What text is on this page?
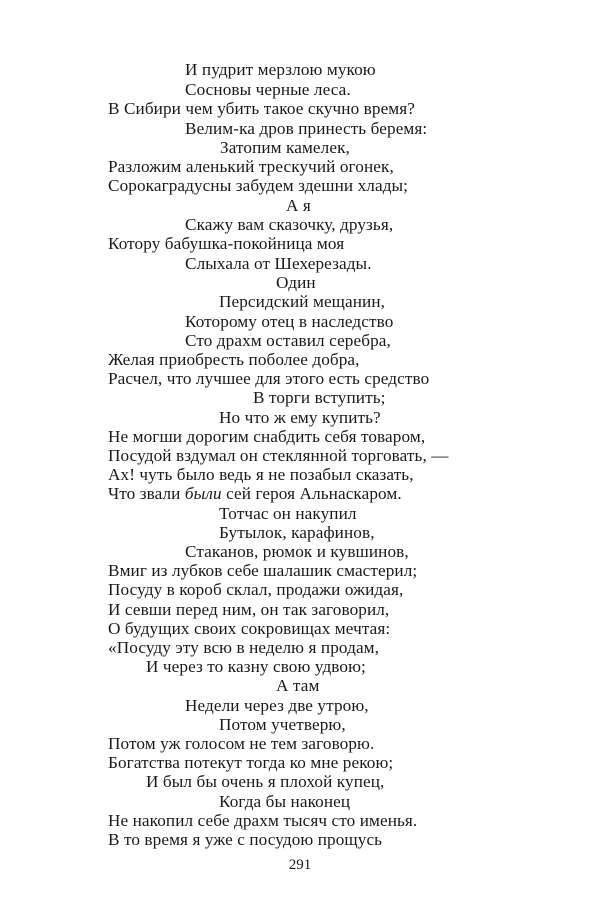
И пудрит мерзлою мукою
Сосновы черные леса.
В Сибири чем убить такое скучно время?
Велим-ка дров принесть беремя:
Затопим камелек,
Разложим аленький трескучий огонек,
Сорокаградусны забудем здешни хлады;
А я
Скажу вам сказочку, друзья,
Котору бабушка-покойница моя
Слыхала от Шехерезады.
Один
Персидский мещанин,
Которому отец в наследство
Сто драхм оставил серебра,
Желая приобресть поболее добра,
Расчел, что лучшее для этого есть средство
В торги вступить;
Но что ж ему купить?
Не могши дорогим снабдить себя товаром,
Посудой вздумал он стеклянной торговать, —
Ах! чуть было ведь я не позабыл сказать,
Что звали были сей героя Альнаскаром.
Тотчас он накупил
Бутылок, карафинов,
Стаканов, рюмок и кувшинов,
Вмиг из лубков себе шалашик смастерил;
Посуду в короб склал, продажи ожидая,
И севши перед ним, он так заговорил,
О будущих своих сокровищах мечтая:
«Посуду эту всю в неделю я продам,
И через то казну свою удвою;
А там
Недели через две утрою,
Потом учетверю,
Потом уж голосом не тем заговорю.
Богатства потекут тогда ко мне рекою;
И был бы очень я плохой купец,
Когда бы наконец
Не накопил себе драхм тысяч сто именья.
В то время я уже с посудою прощусь
291
